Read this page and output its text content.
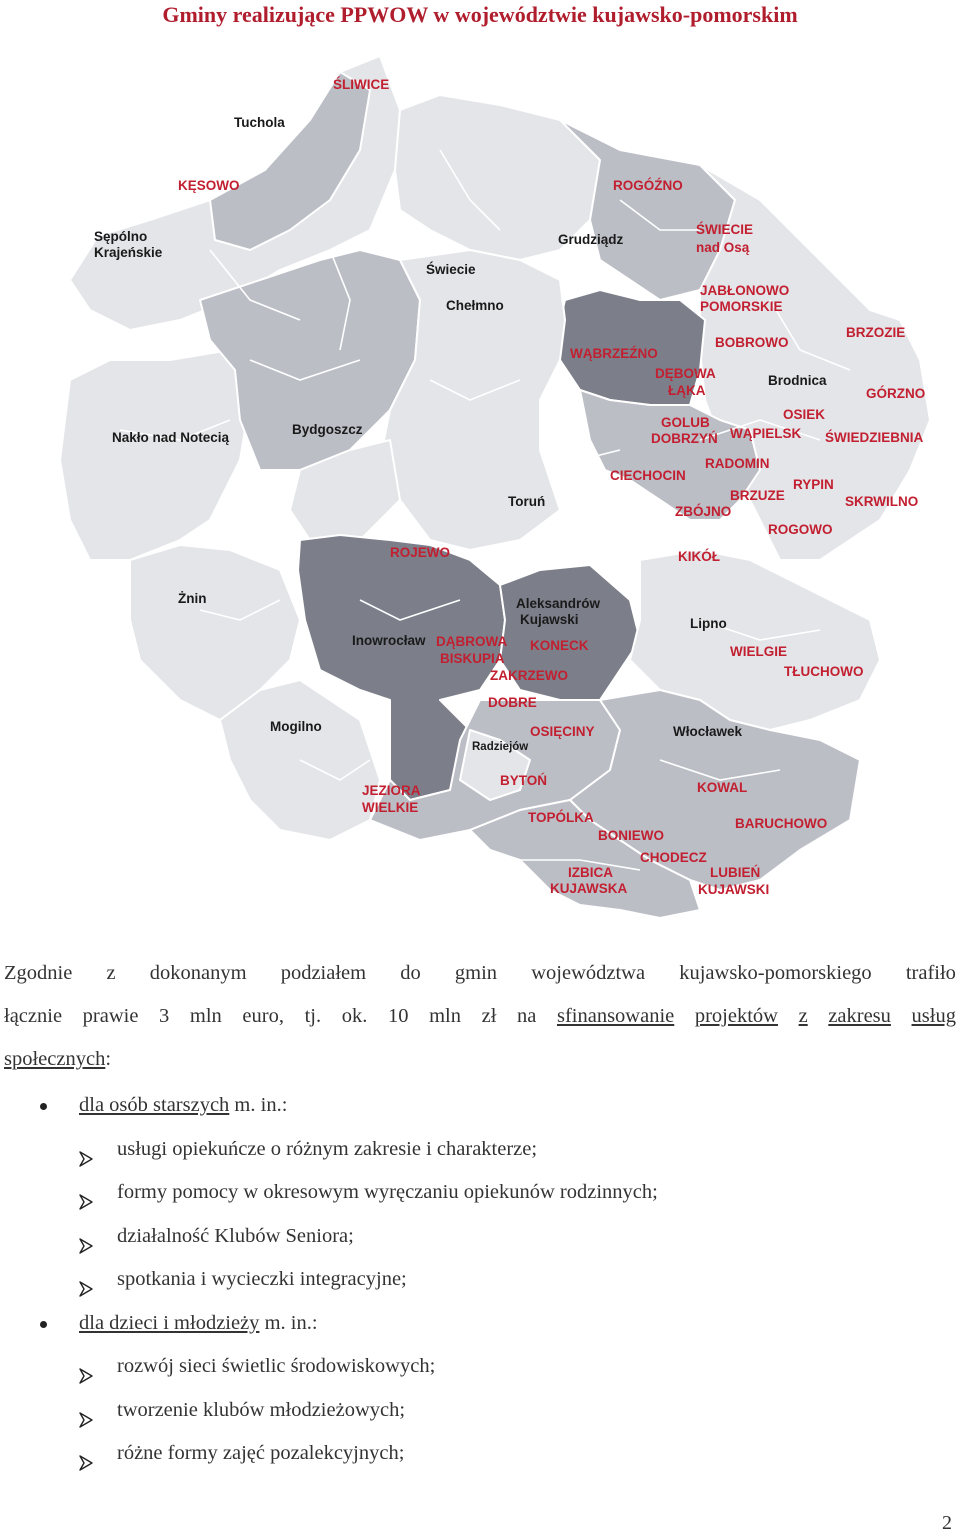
Gminy realizujące PPWOW w województwie kujawsko-pomorskim
ŚLIWICE
KĘSOWO	ROGÓŹNO
ŚWIECIE
nad Osą
JABŁONOWO
POMORSKIE
BRZOZIE
BOBROWO
WĄBRZEŹNO
DĘBOWA
ŁĄKA	GÓRZNO
OSIEK
GOLUB
DOBRZYŃ WĄPIELSK ŚWIEDZIEBNIA
RADOMIN
CIECHOCIN
RYPIN
BRZUZE	SKRWILNO
ZBÓJNO
ROGOWO
KIKÓŁ
ROJEWO
KONECK
DĄBROWA
BISKUPIA
ZAKRZEWO
WIELGIE
TŁUCHOWO
DOBRE
OSIĘCINY
BYTOŃ
JEZIORA
WIELKIE
KOWAL
TOPÓLKA	BARUCHOWO
BONIEWO
CHODECZ
IZBICA
KUJAWSKA
LUBIEŃ
KUJAWSKI
Tuchola
Sępólno
Krajeńskie
Grudziądz
Świecie
Chełmno
Brodnica
Nakło nad Notecią
Bydgoszcz
Toruń
Żnin	Aleksandrów
Kujawski	Lipno
Inowrocław
Mogilno
Radziejów
Włocławek
Zgodnie z dokonanym podziałem do gmin województwa kujawsko-pomorskiego trafiło
łącznie prawie 3 mln euro, tj. ok. 10 mln zł na sfinansowanie projektów z zakresu usług
społecznych:
dla osób starszych m. in.:
usługi opiekuńcze o różnym zakresie i charakterze;
formy pomocy w okresowym wyręczaniu opiekunów rodzinnych;
działalność Klubów Seniora;
spotkania i wycieczki integracyjne;
dla dzieci i młodzieży m. in.:
rozwój sieci świetlic środowiskowych;
tworzenie klubów młodzieżowych;
różne formy zajęć pozalekcyjnych;
2
